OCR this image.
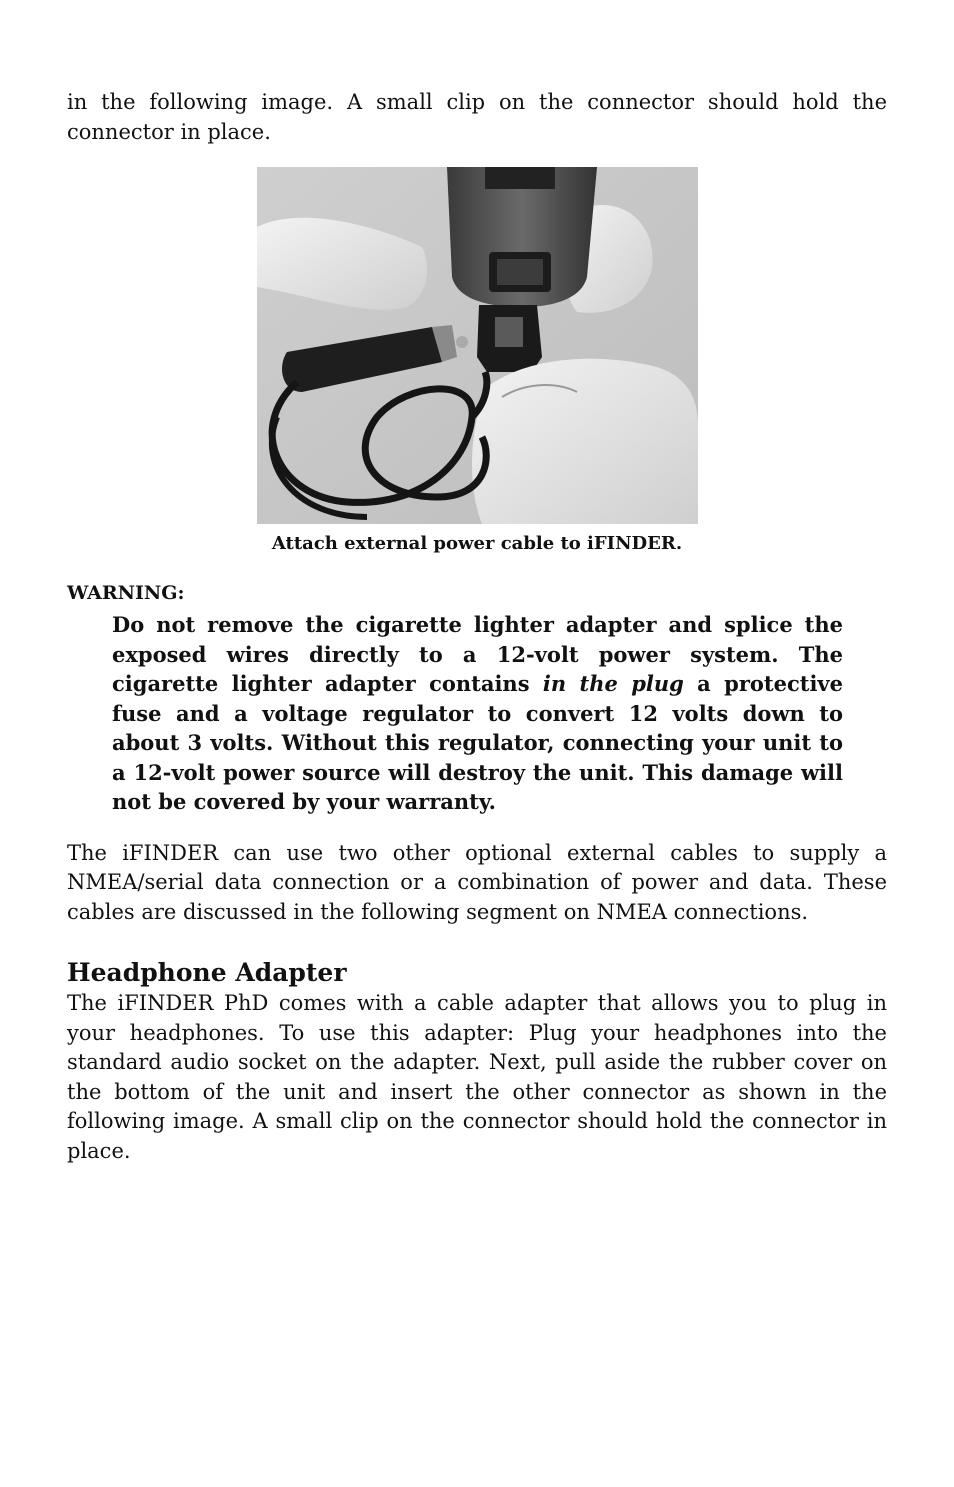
in the following image. A small clip on the connector should hold the connector in place.

Attach external power cable to iFINDER.

WARNING:

Do not remove the cigarette lighter adapter and splice the exposed wires directly to a 12-volt power system. The cigarette lighter adapter contains in the plug a protective fuse and a voltage regulator to convert 12 volts down to about 3 volts. Without this regulator, connecting your unit to a 12-volt power source will destroy the unit. This damage will not be covered by your warranty.

The iFINDER can use two other optional external cables to supply a NMEA/serial data connection or a combination of power and data. These cables are discussed in the following segment on NMEA connections.

Headphone Adapter

The iFINDER PhD comes with a cable adapter that allows you to plug in your headphones. To use this adapter: Plug your headphones into the standard audio socket on the adapter. Next, pull aside the rubber cover on the bottom of the unit and insert the other connector as shown in the following image. A small clip on the connector should hold the connector in place.
